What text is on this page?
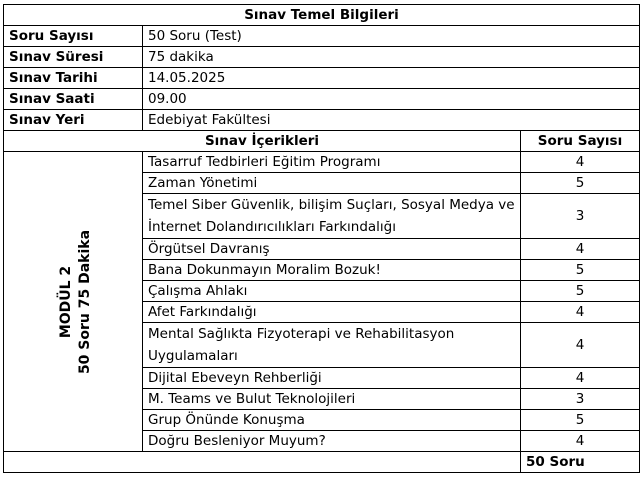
Sınav Temel Bilgileri		
Soru Sayısı	50 Soru (Test)	
Sınav Süresi	75 dakika	
Sınav Tarihi	14.05.2025	
Sınav Saati	09.00	
Sınav Yeri	Edebiyat Fakültesi	
Sınav İçerikleri		Soru Sayısı

MODÜL 2 50 Soru 75 Dakika	Tasarruf Tedbirleri Eğitim Programı	4
	Zaman Yönetimi	5
	Temel Siber Güvenlik, bilişim Suçları, Sosyal Medya ve İnternet Dolandırıcılıkları Farkındalığı	3
	Örgütsel Davranış	4
	Bana Dokunmayın Moralim Bozuk!	5
	Çalışma Ahlakı	5
	Afet Farkındalığı	4
	Mental Sağlıkta Fizyoterapi ve Rehabilitasyon Uygulamaları	4
	Dijital Ebeveyn Rehberliği	4
	M. Teams ve Bulut Teknolojileri	3
	Grup Önünde Konuşma	5
	Doğru Besleniyor Muyum?	4
		50 Soru
